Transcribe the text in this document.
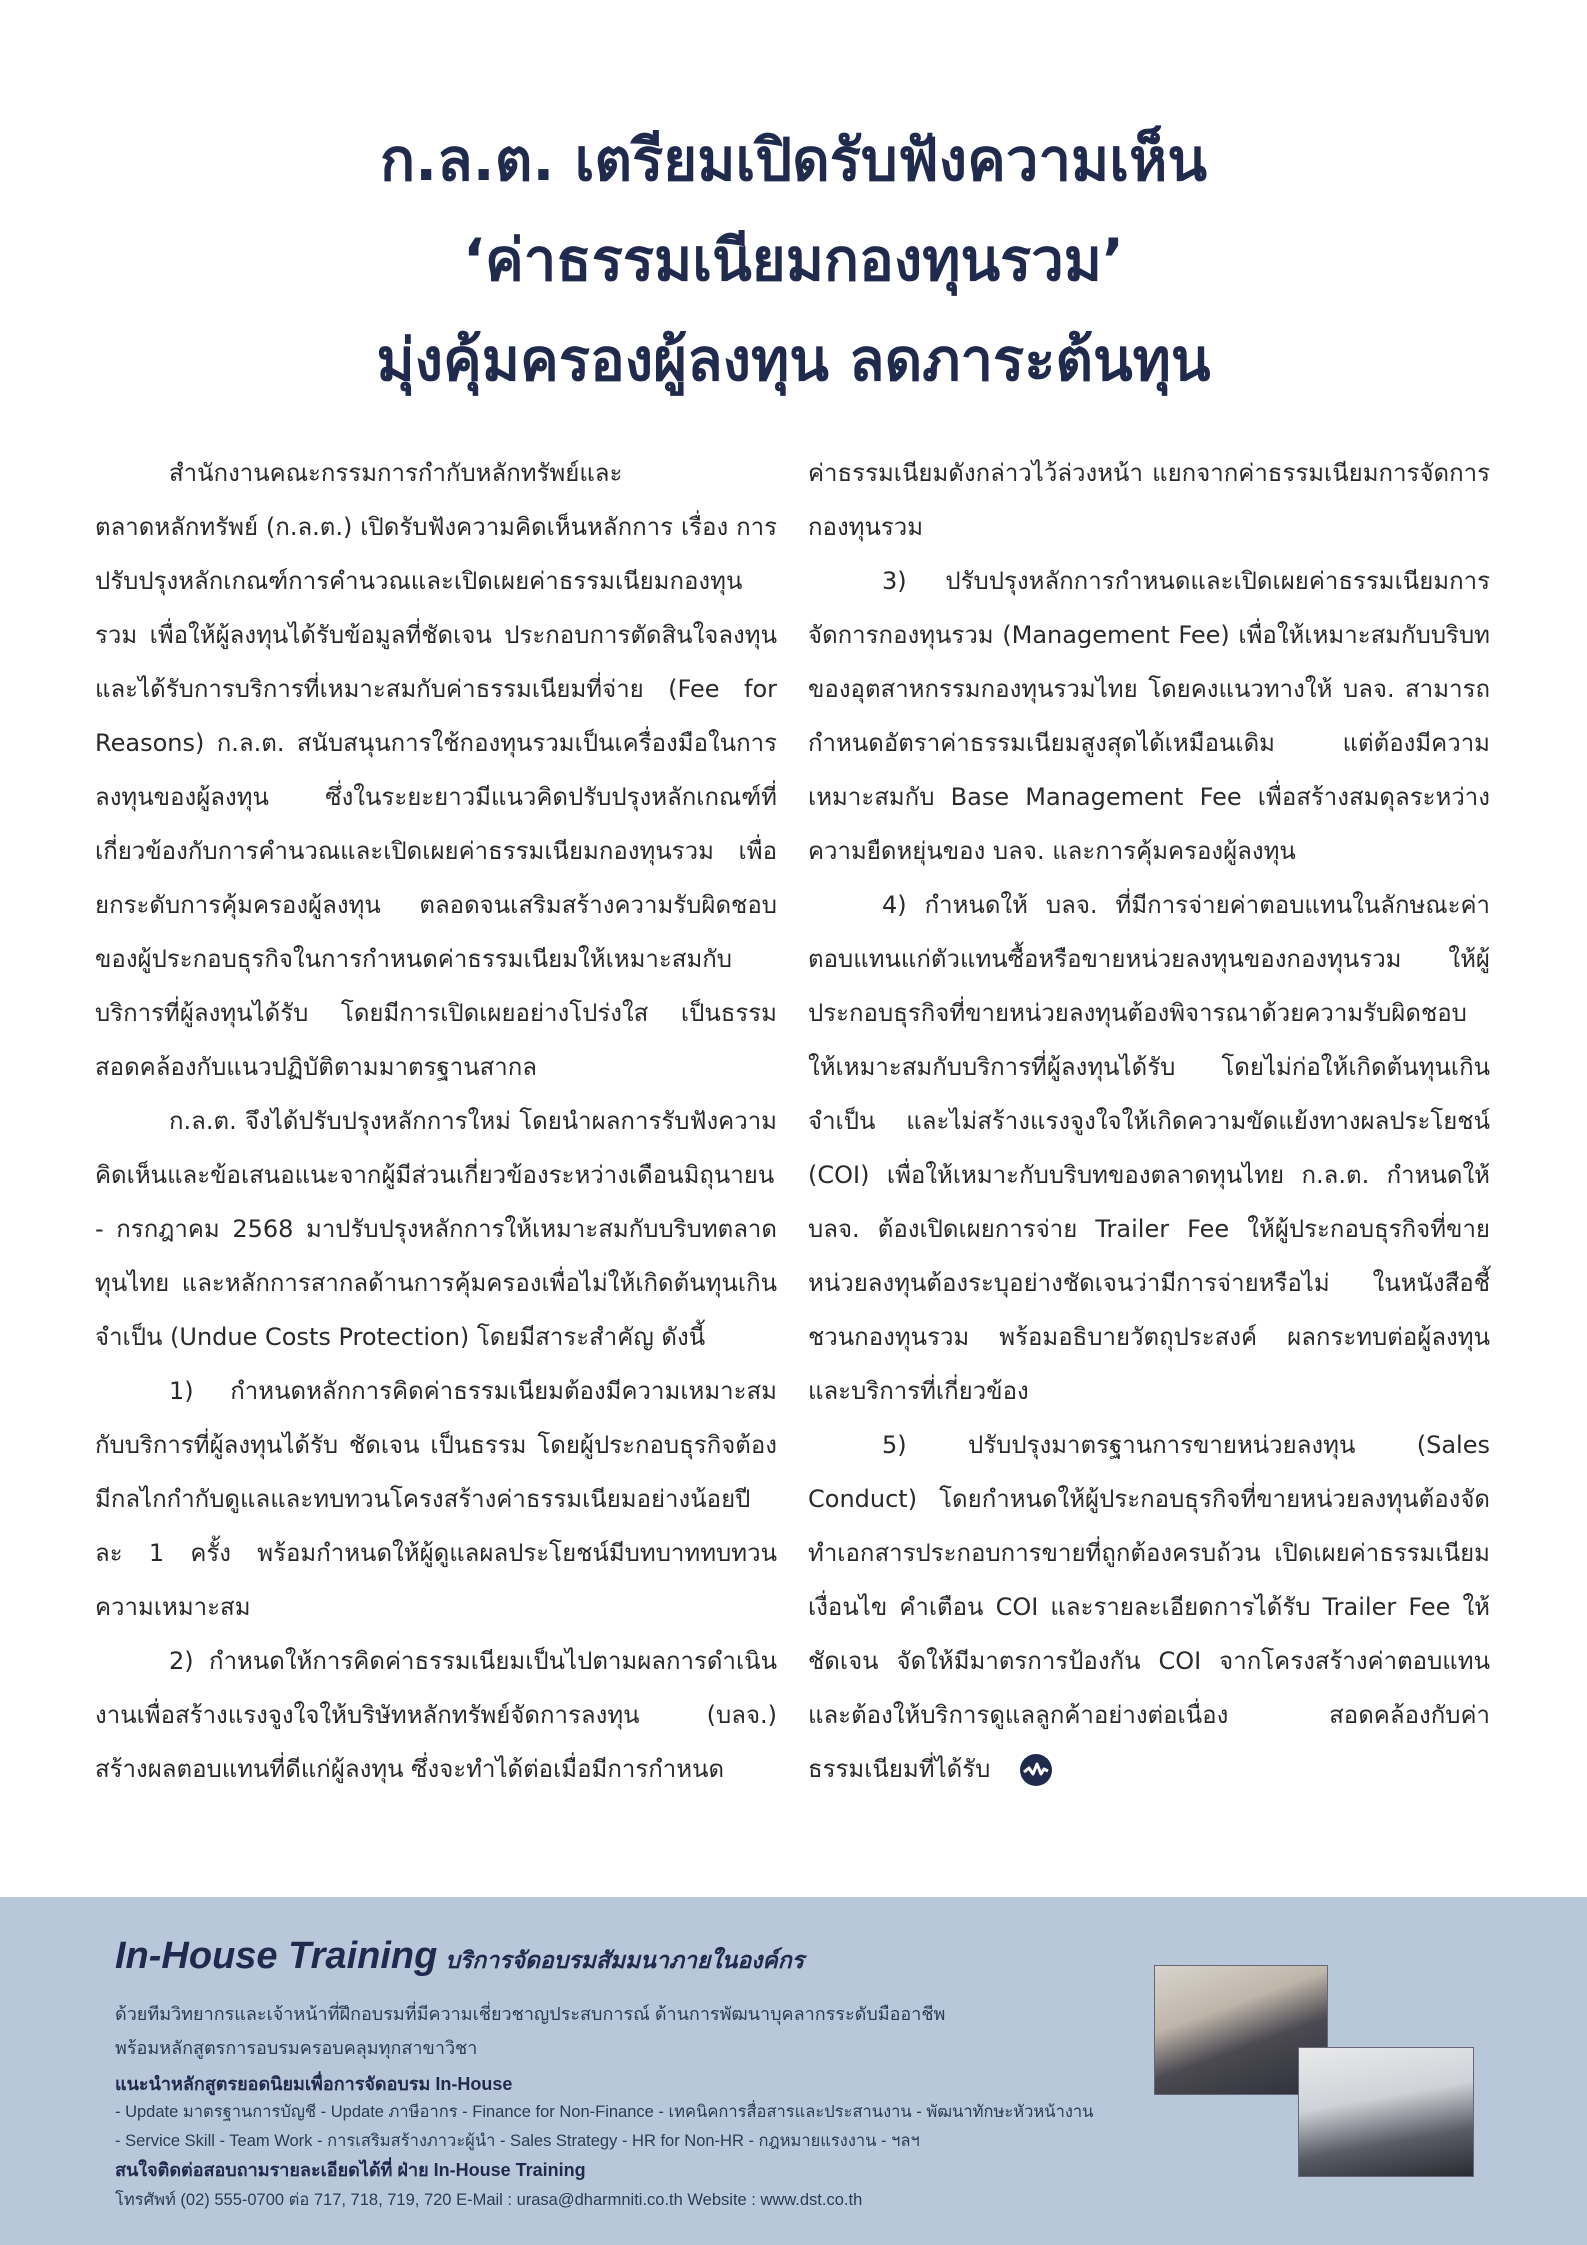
ก.ล.ต. เตรียมเปิดรับฟังความเห็น
‘ค่าธรรมเนียมกองทุนรวม’
มุ่งคุ้มครองผู้ลงทุน ลดภาระต้นทุน

สำนักงานคณะกรรมการกำกับหลักทรัพย์และตลาดหลักทรัพย์ (ก.ล.ต.) เปิดรับฟังความคิดเห็นหลักการ เรื่อง การปรับปรุงหลักเกณฑ์การคำนวณและเปิดเผยค่าธรรมเนียมกองทุนรวม เพื่อให้ผู้ลงทุนได้รับข้อมูลที่ชัดเจน ประกอบการตัดสินใจลงทุน และได้รับการบริการที่เหมาะสมกับค่าธรรมเนียมที่จ่าย (Fee for Reasons) ก.ล.ต. สนับสนุนการใช้กองทุนรวมเป็นเครื่องมือในการลงทุนของผู้ลงทุน ซึ่งในระยะยาวมีแนวคิดปรับปรุงหลักเกณฑ์ที่เกี่ยวข้องกับการคำนวณและเปิดเผยค่าธรรมเนียมกองทุนรวม เพื่อยกระดับการคุ้มครองผู้ลงทุน ตลอดจนเสริมสร้างความรับผิดชอบของผู้ประกอบธุรกิจในการกำหนดค่าธรรมเนียมให้เหมาะสมกับบริการที่ผู้ลงทุนได้รับ โดยมีการเปิดเผยอย่างโปร่งใส เป็นธรรม สอดคล้องกับแนวปฏิบัติตามมาตรฐานสากล

ก.ล.ต. จึงได้ปรับปรุงหลักการใหม่ โดยนำผลการรับฟังความคิดเห็นและข้อเสนอแนะจากผู้มีส่วนเกี่ยวข้องระหว่างเดือนมิถุนายน - กรกฎาคม 2568 มาปรับปรุงหลักการให้เหมาะสมกับบริบทตลาดทุนไทย และหลักการสากลด้านการคุ้มครองเพื่อไม่ให้เกิดต้นทุนเกินจำเป็น (Undue Costs Protection) โดยมีสาระสำคัญ ดังนี้

1) กำหนดหลักการคิดค่าธรรมเนียมต้องมีความเหมาะสมกับบริการที่ผู้ลงทุนได้รับ ชัดเจน เป็นธรรม โดยผู้ประกอบธุรกิจต้องมีกลไกกำกับดูแลและทบทวนโครงสร้างค่าธรรมเนียมอย่างน้อยปีละ 1 ครั้ง พร้อมกำหนดให้ผู้ดูแลผลประโยชน์มีบทบาททบทวนความเหมาะสม

2) กำหนดให้การคิดค่าธรรมเนียมเป็นไปตามผลการดำเนินงานเพื่อสร้างแรงจูงใจให้บริษัทหลักทรัพย์จัดการลงทุน (บลจ.) สร้างผลตอบแทนที่ดีแก่ผู้ลงทุน ซึ่งจะทำได้ต่อเมื่อมีการกำหนด

ค่าธรรมเนียมดังกล่าวไว้ล่วงหน้า แยกจากค่าธรรมเนียมการจัดการกองทุนรวม

3) ปรับปรุงหลักการกำหนดและเปิดเผยค่าธรรมเนียมการจัดการกองทุนรวม (Management Fee) เพื่อให้เหมาะสมกับบริบทของอุตสาหกรรมกองทุนรวมไทย โดยคงแนวทางให้ บลจ. สามารถกำหนดอัตราค่าธรรมเนียมสูงสุดได้เหมือนเดิม แต่ต้องมีความเหมาะสมกับ Base Management Fee เพื่อสร้างสมดุลระหว่างความยืดหยุ่นของ บลจ. และการคุ้มครองผู้ลงทุน

4) กำหนดให้ บลจ. ที่มีการจ่ายค่าตอบแทนในลักษณะค่าตอบแทนแก่ตัวแทนซื้อหรือขายหน่วยลงทุนของกองทุนรวม ให้ผู้ประกอบธุรกิจที่ขายหน่วยลงทุนต้องพิจารณาด้วยความรับผิดชอบให้เหมาะสมกับบริการที่ผู้ลงทุนได้รับ โดยไม่ก่อให้เกิดต้นทุนเกินจำเป็น และไม่สร้างแรงจูงใจให้เกิดความขัดแย้งทางผลประโยชน์ (COI) เพื่อให้เหมาะกับบริบทของตลาดทุนไทย ก.ล.ต. กำหนดให้ บลจ. ต้องเปิดเผยการจ่าย Trailer Fee ให้ผู้ประกอบธุรกิจที่ขายหน่วยลงทุนต้องระบุอย่างชัดเจนว่ามีการจ่ายหรือไม่ ในหนังสือชี้ชวนกองทุนรวม พร้อมอธิบายวัตถุประสงค์ ผลกระทบต่อผู้ลงทุน และบริการที่เกี่ยวข้อง

5) ปรับปรุงมาตรฐานการขายหน่วยลงทุน (Sales Conduct) โดยกำหนดให้ผู้ประกอบธุรกิจที่ขายหน่วยลงทุนต้องจัดทำเอกสารประกอบการขายที่ถูกต้องครบถ้วน เปิดเผยค่าธรรมเนียม เงื่อนไข คำเตือน COI และรายละเอียดการได้รับ Trailer Fee ให้ชัดเจน จัดให้มีมาตรการป้องกัน COI จากโครงสร้างค่าตอบแทน และต้องให้บริการดูแลลูกค้าอย่างต่อเนื่อง สอดคล้องกับค่าธรรมเนียมที่ได้รับ

In-House Training บริการจัดอบรมสัมมนาภายในองค์กร
ด้วยทีมวิทยากรและเจ้าหน้าที่ฝึกอบรมที่มีความเชี่ยวชาญประสบการณ์ ด้านการพัฒนาบุคลากรระดับมืออาชีพ
พร้อมหลักสูตรการอบรมครอบคลุมทุกสาขาวิชา
แนะนำหลักสูตรยอดนิยมเพื่อการจัดอบรม In-House
- Update มาตรฐานการบัญชี - Update ภาษีอากร - Finance for Non-Finance - เทคนิคการสื่อสารและประสานงาน - พัฒนาทักษะหัวหน้างาน
- Service Skill - Team Work - การเสริมสร้างภาวะผู้นำ - Sales Strategy - HR for Non-HR - กฎหมายแรงงาน - ฯลฯ
สนใจติดต่อสอบถามรายละเอียดได้ที่ ฝ่าย In-House Training
โทรศัพท์ (02) 555-0700 ต่อ 717, 718, 719, 720 E-Mail : urasa@dharmniti.co.th Website : www.dst.co.th
